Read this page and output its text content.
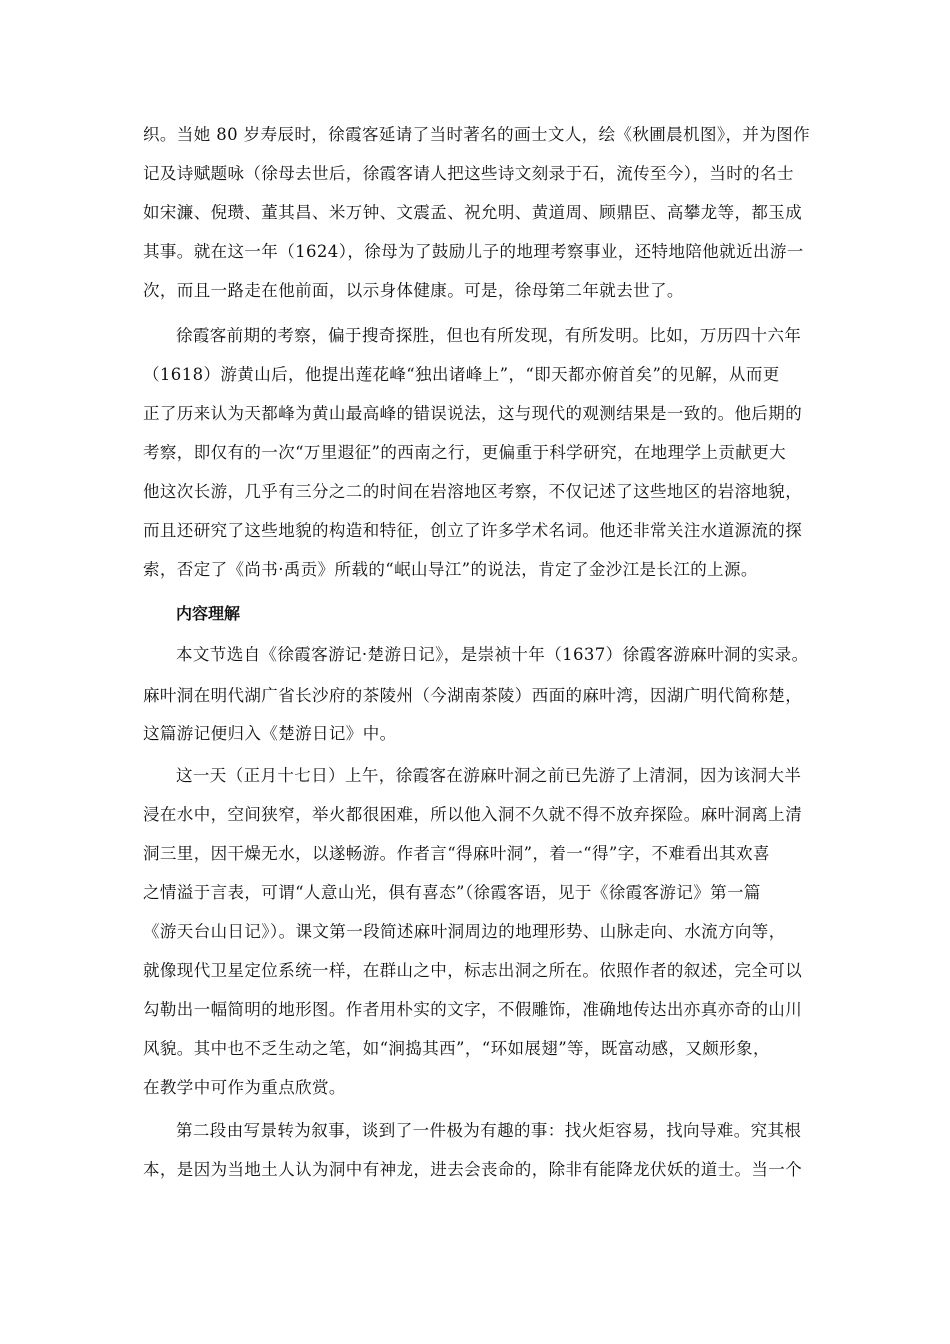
织。当她 80 岁寿辰时，徐霞客延请了当时著名的画士文人，绘《秋圃晨机图》，并为图作
记及诗赋题咏（徐母去世后，徐霞客请人把这些诗文刻录于石，流传至今），当时的名士
如宋濂、倪瓒、董其昌、米万钟、文震孟、祝允明、黄道周、顾鼎臣、高攀龙等，都玉成
其事。就在这一年（1624），徐母为了鼓励儿子的地理考察事业，还特地陪他就近出游一
次，而且一路走在他前面，以示身体健康。可是，徐母第二年就去世了。
徐霞客前期的考察，偏于搜奇探胜，但也有所发现，有所发明。比如，万历四十六年
（1618）游黄山后，他提出莲花峰“独出诸峰上”，“即天都亦俯首矣”的见解，从而更
正了历来认为天都峰为黄山最高峰的错误说法，这与现代的观测结果是一致的。他后期的
考察，即仅有的一次“万里遐征”的西南之行，更偏重于科学研究，在地理学上贡献更大
他这次长游，几乎有三分之二的时间在岩溶地区考察，不仅记述了这些地区的岩溶地貌，
而且还研究了这些地貌的构造和特征，创立了许多学术名词。他还非常关注水道源流的探
索，否定了《尚书·禹贡》所载的“岷山导江”的说法，肯定了金沙江是长江的上源。
内容理解
本文节选自《徐霞客游记·楚游日记》，是崇祯十年（1637）徐霞客游麻叶洞的实录。
麻叶洞在明代湖广省长沙府的茶陵州（今湖南茶陵）西面的麻叶湾，因湖广明代简称楚，
这篇游记便归入《楚游日记》中。
这一天（正月十七日）上午，徐霞客在游麻叶洞之前已先游了上清洞，因为该洞大半
浸在水中，空间狭窄，举火都很困难，所以他入洞不久就不得不放弃探险。麻叶洞离上清
洞三里，因干燥无水，以遂畅游。作者言“得麻叶洞”，着一“得”字，不难看出其欢喜
之情溢于言表，可谓“人意山光，俱有喜态”（徐霞客语，见于《徐霞客游记》第一篇
《游天台山日记》）。课文第一段简述麻叶洞周边的地理形势、山脉走向、水流方向等，
就像现代卫星定位系统一样，在群山之中，标志出洞之所在。依照作者的叙述，完全可以
勾勒出一幅简明的地形图。作者用朴实的文字，不假雕饰，准确地传达出亦真亦奇的山川
风貌。其中也不乏生动之笔，如“涧捣其西”，“环如展翅”等，既富动感，又颇形象，
在教学中可作为重点欣赏。
第二段由写景转为叙事，谈到了一件极为有趣的事：找火炬容易，找向导难。究其根
本，是因为当地土人认为洞中有神龙，进去会丧命的，除非有能降龙伏妖的道士。当一个
